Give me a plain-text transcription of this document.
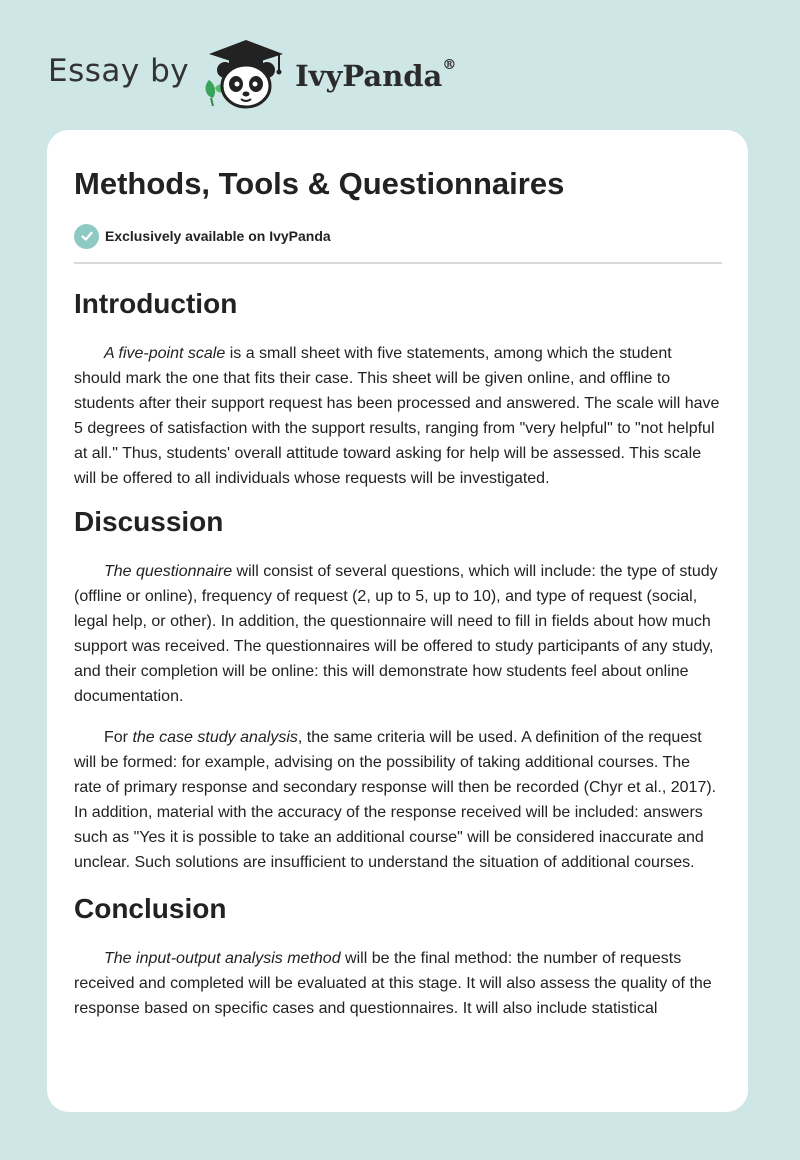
Essay by	IvyPanda®
Methods, Tools & Questionnaires
Exclusively available on IvyPanda
Introduction

A five-point scale is a small sheet with five statements, among which the student should mark the one that fits their case. This sheet will be given online, and offline to students after their support request has been processed and answered. The scale will have 5 degrees of satisfaction with the support results, ranging from "very helpful" to "not helpful at all." Thus, students' overall attitude toward asking for help will be assessed. This scale will be offered to all individuals whose requests will be investigated.

Discussion

The questionnaire will consist of several questions, which will include: the type of study (offline or online), frequency of request (2, up to 5, up to 10), and type of request (social, legal help, or other). In addition, the questionnaire will need to fill in fields about how much support was received. The questionnaires will be offered to study participants of any study, and their completion will be online: this will demonstrate how students feel about online documentation.

For the case study analysis, the same criteria will be used. A definition of the request will be formed: for example, advising on the possibility of taking additional courses. The rate of primary response and secondary response will then be recorded (Chyr et al., 2017). In addition, material with the accuracy of the response received will be included: answers such as "Yes it is possible to take an additional course" will be considered inaccurate and unclear. Such solutions are insufficient to understand the situation of additional courses.

Conclusion

The input-output analysis method will be the final method: the number of requests received and completed will be evaluated at this stage. It will also assess the quality of the response based on specific cases and questionnaires. It will also include statistical
